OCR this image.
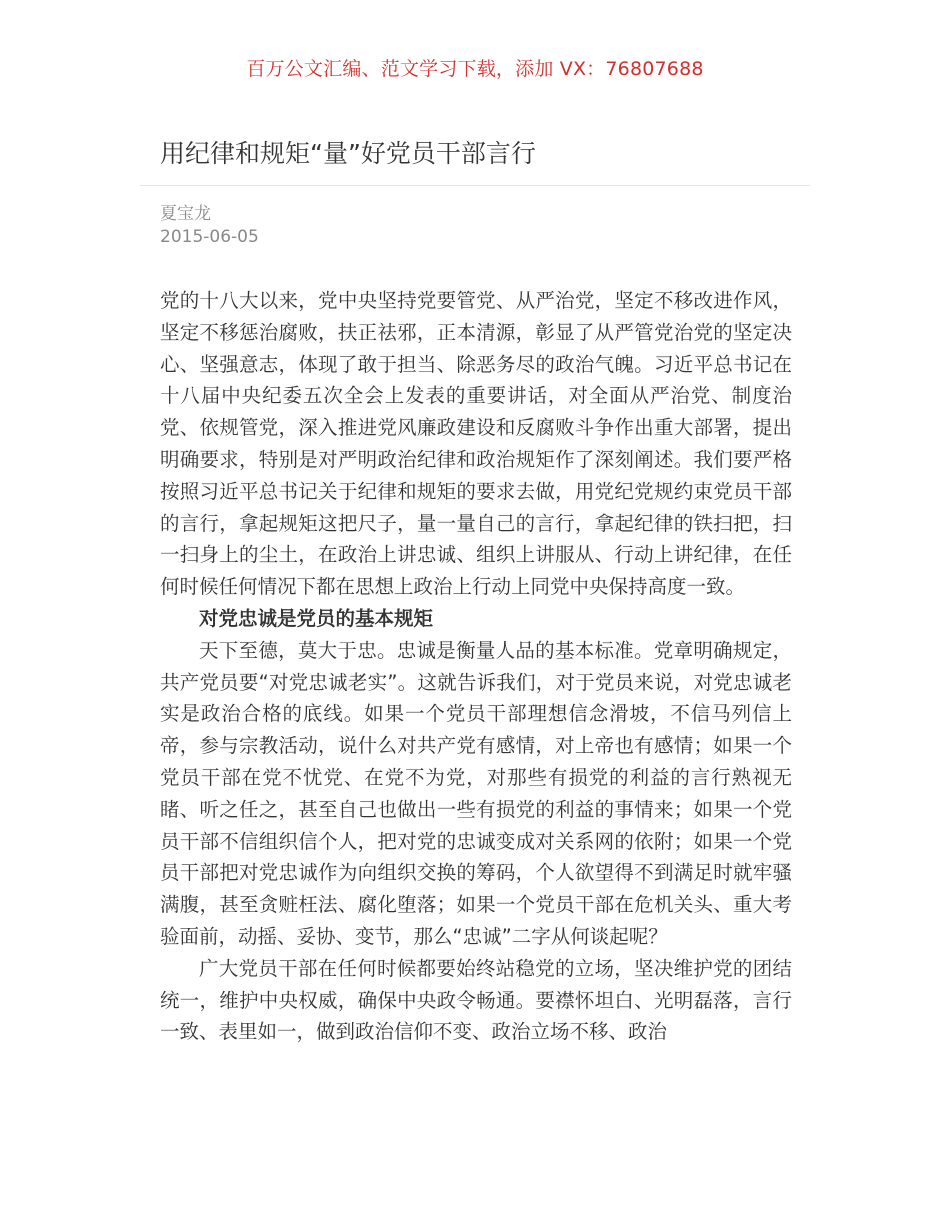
百万公文汇编、范文学习下载，添加 VX：76807688
用纪律和规矩“量”好党员干部言行
夏宝龙
2015-06-05

党的十八大以来，党中央坚持党要管党、从严治党，坚定不移改进作风，坚定不移惩治腐败，扶正祛邪，正本清源，彰显了从严管党治党的坚定决心、坚强意志，体现了敢于担当、除恶务尽的政治气魄。习近平总书记在十八届中央纪委五次全会上发表的重要讲话，对全面从严治党、制度治党、依规管党，深入推进党风廉政建设和反腐败斗争作出重大部署，提出明确要求，特别是对严明政治纪律和政治规矩作了深刻阐述。我们要严格按照习近平总书记关于纪律和规矩的要求去做，用党纪党规约束党员干部的言行，拿起规矩这把尺子，量一量自己的言行，拿起纪律的铁扫把，扫一扫身上的尘土，在政治上讲忠诚、组织上讲服从、行动上讲纪律，在任何时候任何情况下都在思想上政治上行动上同党中央保持高度一致。

对党忠诚是党员的基本规矩

天下至德，莫大于忠。忠诚是衡量人品的基本标准。党章明确规定，共产党员要“对党忠诚老实”。这就告诉我们，对于党员来说，对党忠诚老实是政治合格的底线。如果一个党员干部理想信念滑坡，不信马列信上帝，参与宗教活动，说什么对共产党有感情，对上帝也有感情；如果一个党员干部在党不忧党、在党不为党，对那些有损党的利益的言行熟视无睹、听之任之，甚至自己也做出一些有损党的利益的事情来；如果一个党员干部不信组织信个人，把对党的忠诚变成对关系网的依附；如果一个党员干部把对党忠诚作为向组织交换的筹码，个人欲望得不到满足时就牢骚满腹，甚至贪赃枉法、腐化堕落；如果一个党员干部在危机关头、重大考验面前，动摇、妥协、变节，那么“忠诚”二字从何谈起呢？

广大党员干部在任何时候都要始终站稳党的立场，坚决维护党的团结统一，维护中央权威，确保中央政令畅通。要襟怀坦白、光明磊落，言行一致、表里如一，做到政治信仰不变、政治立场不移、政治
